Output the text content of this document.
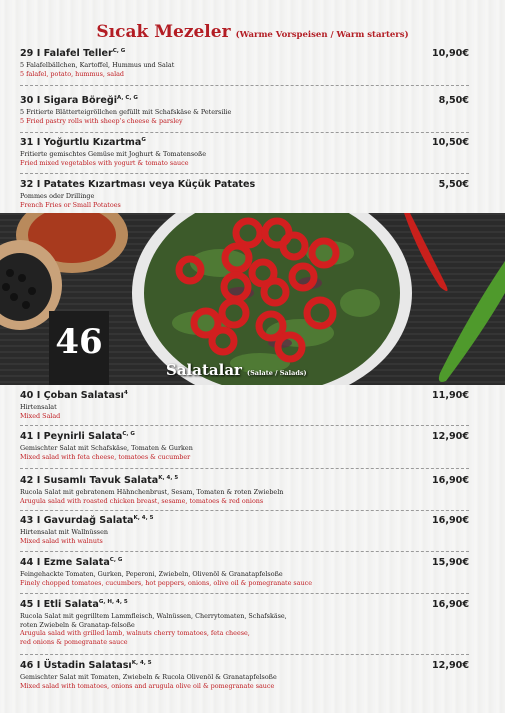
Sıcak Mezeler (Warme Vorspeisen / Warm starters)
29 I Falafel Teller$^{C, G}$	10,90€
5 Falafelbällchen, Kartoffel, Hummus und Salat
5 falafel, potato, hummus, salad
30 I Sigara Böreği$^{A, C, G}$	8,50€
5 Fritierte Blätterteigröllchen gefüllt mit Schafskäse & Petersilie
5 Fried pastry rolls with sheep’s cheese & parsley
31 I Yoğurtlu Kızartma$^G$	10,50€
Fritierte gemischtes Gemüse mit Joghurt & Tomatensoße
Fried mixed vegetables with yogurt & tomato sauce
32 I Patates Kızartması veya Küçük Patates	5,50€
Pommes oder Drillinge
French Fries or Small Potatoes
46
Salatalar (Salate / Salads)
40 I Çoban Salatası$^4$	11,90€
Hirtensalat
Mixed Salad
41 I Peynirli Salata$^{C, G}$	12,90€
Gemischter Salat mit Schafskäse, Tomaten & Gurken
Mixed salad with feta cheese, tomatoes & cucumber
42 I Susamlı Tavuk Salata$^{K, 4, 5}$	16,90€
Rucola Salat mit gebratenem Hähnchenbrust, Sesam, Tomaten & roten Zwiebeln
Arugula salad with roasted chicken breast, sesame, tomatoes & red onions
43 I Gavurdağ Salata$^{K, 4, 5}$	16,90€
Hirtensalat mit Wallnüssen
Mixed salad with walnuts
44 I Ezme Salata$^{C, G}$	15,90€
Feingehackte Tomaten, Gurken, Peperoni, Zwiebeln, Olivenöl & Granatapfelsoße
Finely chopped tomatoes, cucumbers, hot peppers, onions, olive oil & pomegranate sauce
45 I Etli Salata$^{G, H, 4, 5}$	16,90€
Rucola Salat mit gegrilltem Lammfleisch, Walnüssen, Cherrytomaten, Schafskäse,
roten Zwiebeln & Granatap-felsoße
Arugula salad with grilled lamb, walnuts cherry tomatoes, feta cheese,
red onions & pomegranate sauce
46 I Üstadin Salatası$^{K, 4, 5}$	12,90€
Gemischter Salat mit Tomaten, Zwiebeln & Rucola Olivenöl & Granatapfelsoße
Mixed salad with tomatoes, onions and arugula olive oil & pomegranate sauce
